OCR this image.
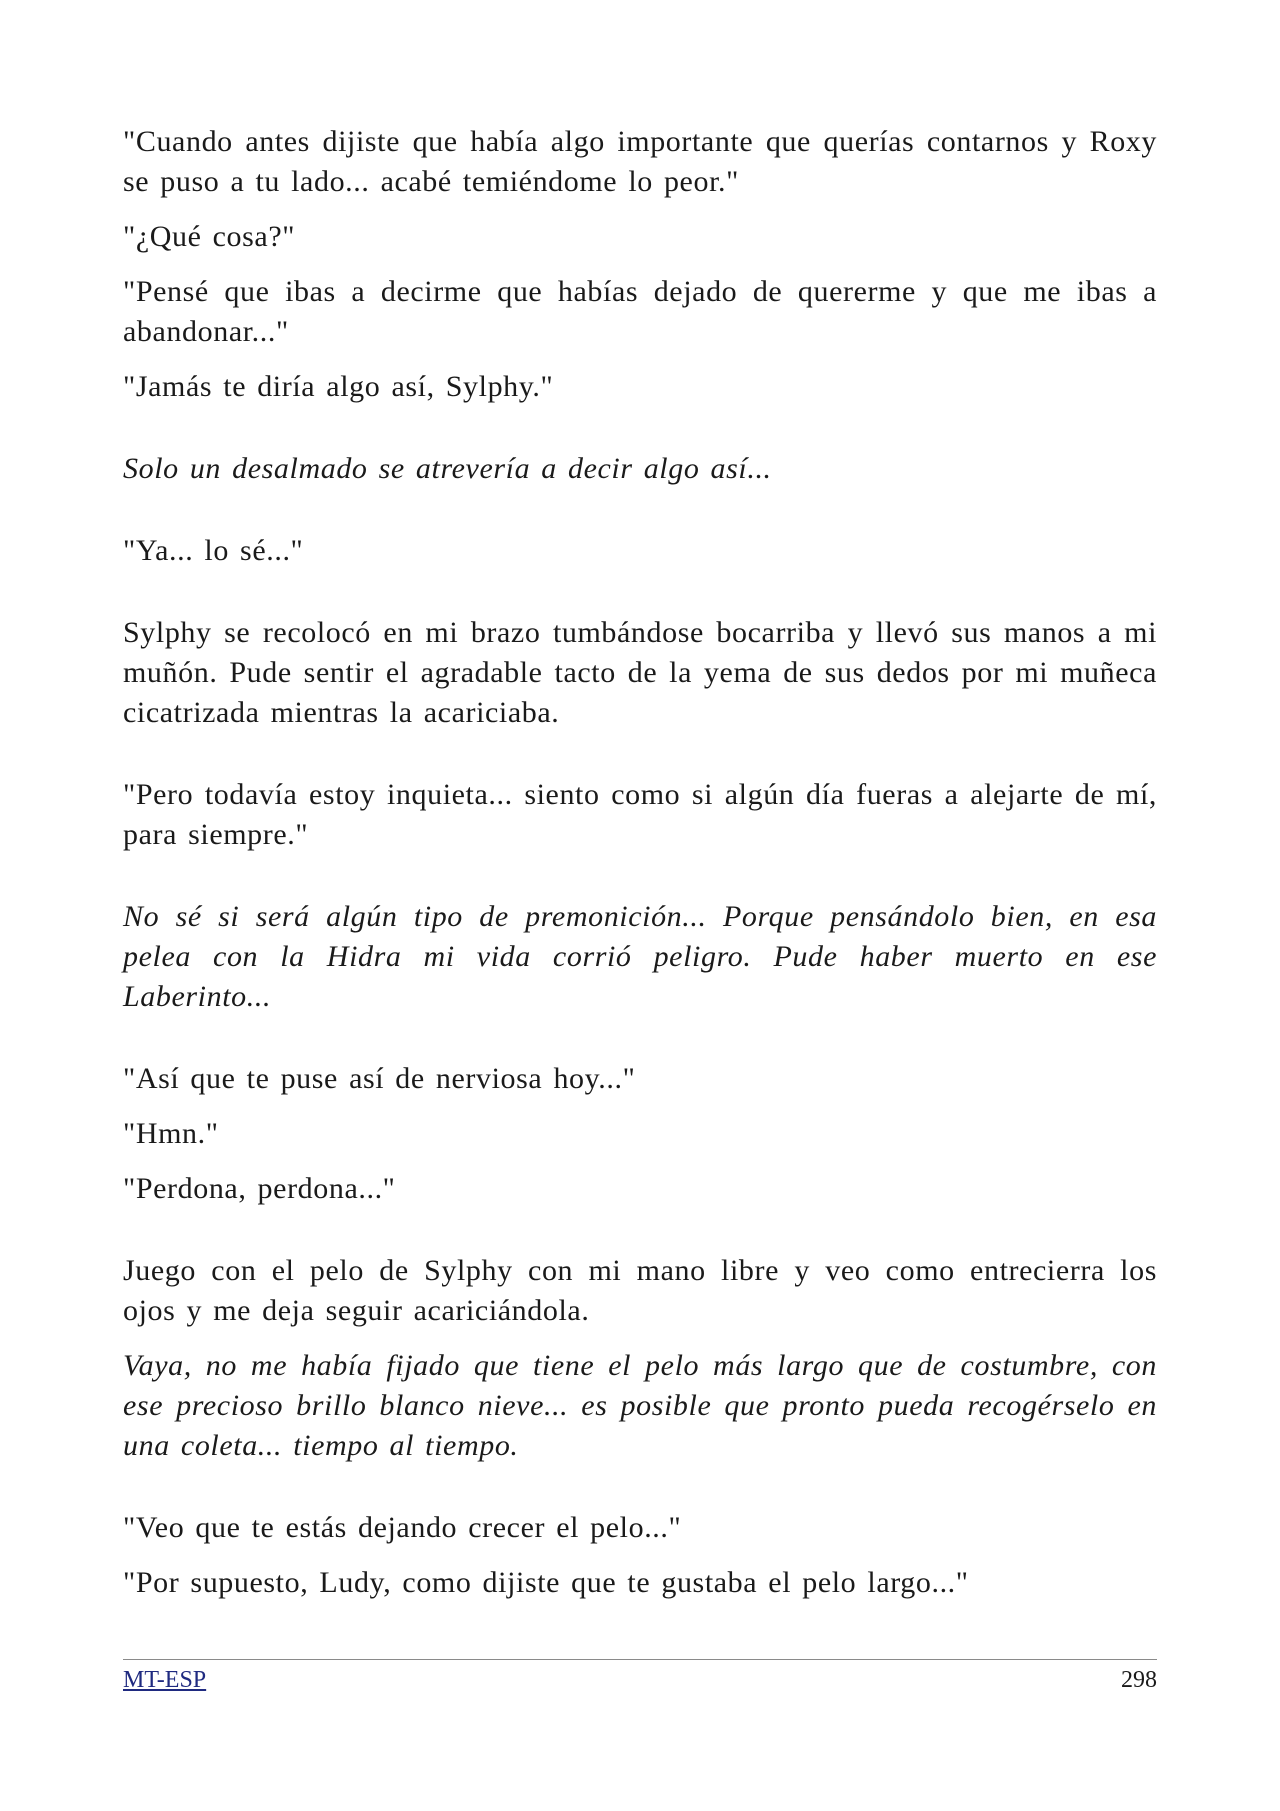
"Cuando antes dijiste que había algo importante que querías contarnos y Roxy se puso a tu lado... acabé temiéndome lo peor."

"¿Qué cosa?"

"Pensé que ibas a decirme que habías dejado de quererme y que me ibas a abandonar..."

"Jamás te diría algo así, Sylphy."

Solo un desalmado se atrevería a decir algo así...

"Ya... lo sé..."

Sylphy se recolocó en mi brazo tumbándose bocarriba y llevó sus manos a mi muñón. Pude sentir el agradable tacto de la yema de sus dedos por mi muñeca cicatrizada mientras la acariciaba.

"Pero todavía estoy inquieta... siento como si algún día fueras a alejarte de mí, para siempre."

No sé si será algún tipo de premonición... Porque pensándolo bien, en esa pelea con la Hidra mi vida corrió peligro. Pude haber muerto en ese Laberinto...

"Así que te puse así de nerviosa hoy..."

"Hmn."

"Perdona, perdona..."

Juego con el pelo de Sylphy con mi mano libre y veo como entrecierra los ojos y me deja seguir acariciándola.

Vaya, no me había fijado que tiene el pelo más largo que de costumbre, con ese precioso brillo blanco nieve... es posible que pronto pueda recogérselo en una coleta... tiempo al tiempo.

"Veo que te estás dejando crecer el pelo..."

"Por supuesto, Ludy, como dijiste que te gustaba el pelo largo..."

MT-ESP	298
